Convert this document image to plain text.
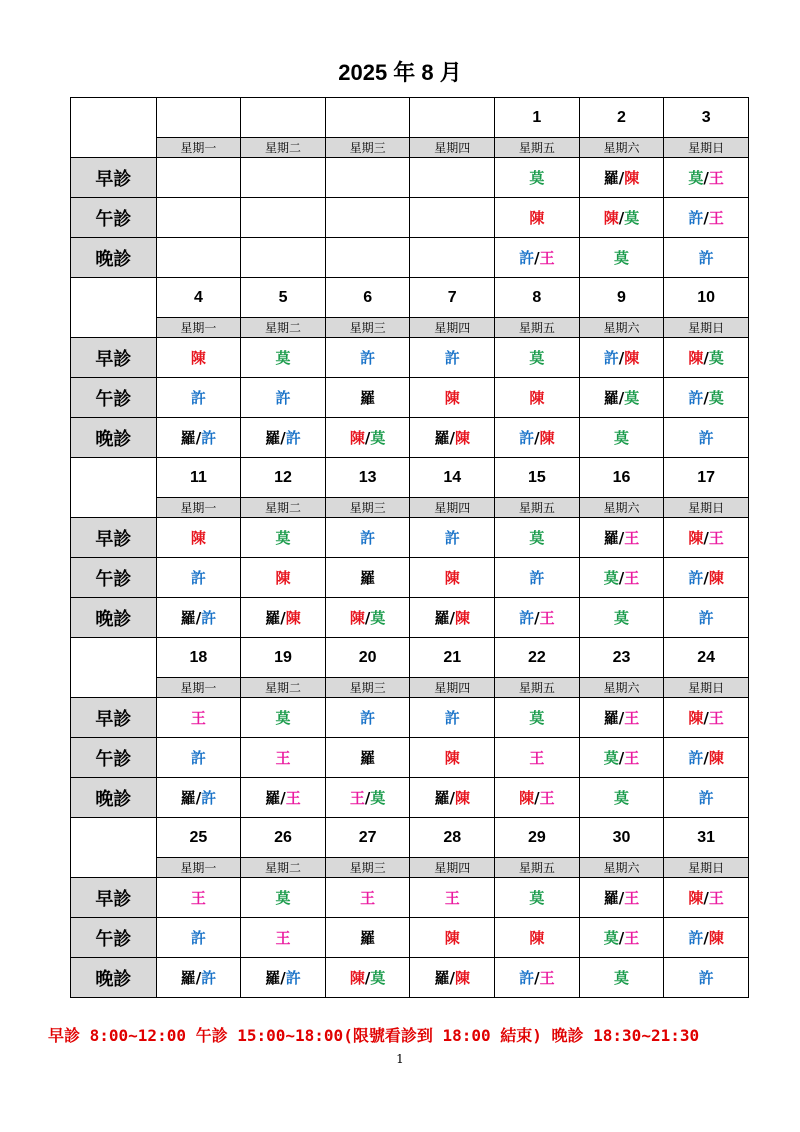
2025 年 8 月
					1	2	3
	星期一	星期二	星期三	星期四	星期五	星期六	星期日
早診					莫	羅/陳	莫/王
午診					陳	陳/莫	許/王
晚診					許/王	莫	許
	4	5	6	7	8	9	10
	星期一	星期二	星期三	星期四	星期五	星期六	星期日
早診	陳	莫	許	許	莫	許/陳	陳/莫
午診	許	許	羅	陳	陳	羅/莫	許/莫
晚診	羅/許	羅/許	陳/莫	羅/陳	許/陳	莫	許
	11	12	13	14	15	16	17
	星期一	星期二	星期三	星期四	星期五	星期六	星期日
早診	陳	莫	許	許	莫	羅/王	陳/王
午診	許	陳	羅	陳	許	莫/王	許/陳
晚診	羅/許	羅/陳	陳/莫	羅/陳	許/王	莫	許
	18	19	20	21	22	23	24
	星期一	星期二	星期三	星期四	星期五	星期六	星期日
早診	王	莫	許	許	莫	羅/王	陳/王
午診	許	王	羅	陳	王	莫/王	許/陳
晚診	羅/許	羅/王	王/莫	羅/陳	陳/王	莫	許
	25	26	27	28	29	30	31
	星期一	星期二	星期三	星期四	星期五	星期六	星期日
早診	王	莫	王	王	莫	羅/王	陳/王
午診	許	王	羅	陳	陳	莫/王	許/陳
晚診	羅/許	羅/許	陳/莫	羅/陳	許/王	莫	許
早診 8:00~12:00 午診 15:00~18:00(限號看診到 18:00 結束) 晚診 18:30~21:30
1
